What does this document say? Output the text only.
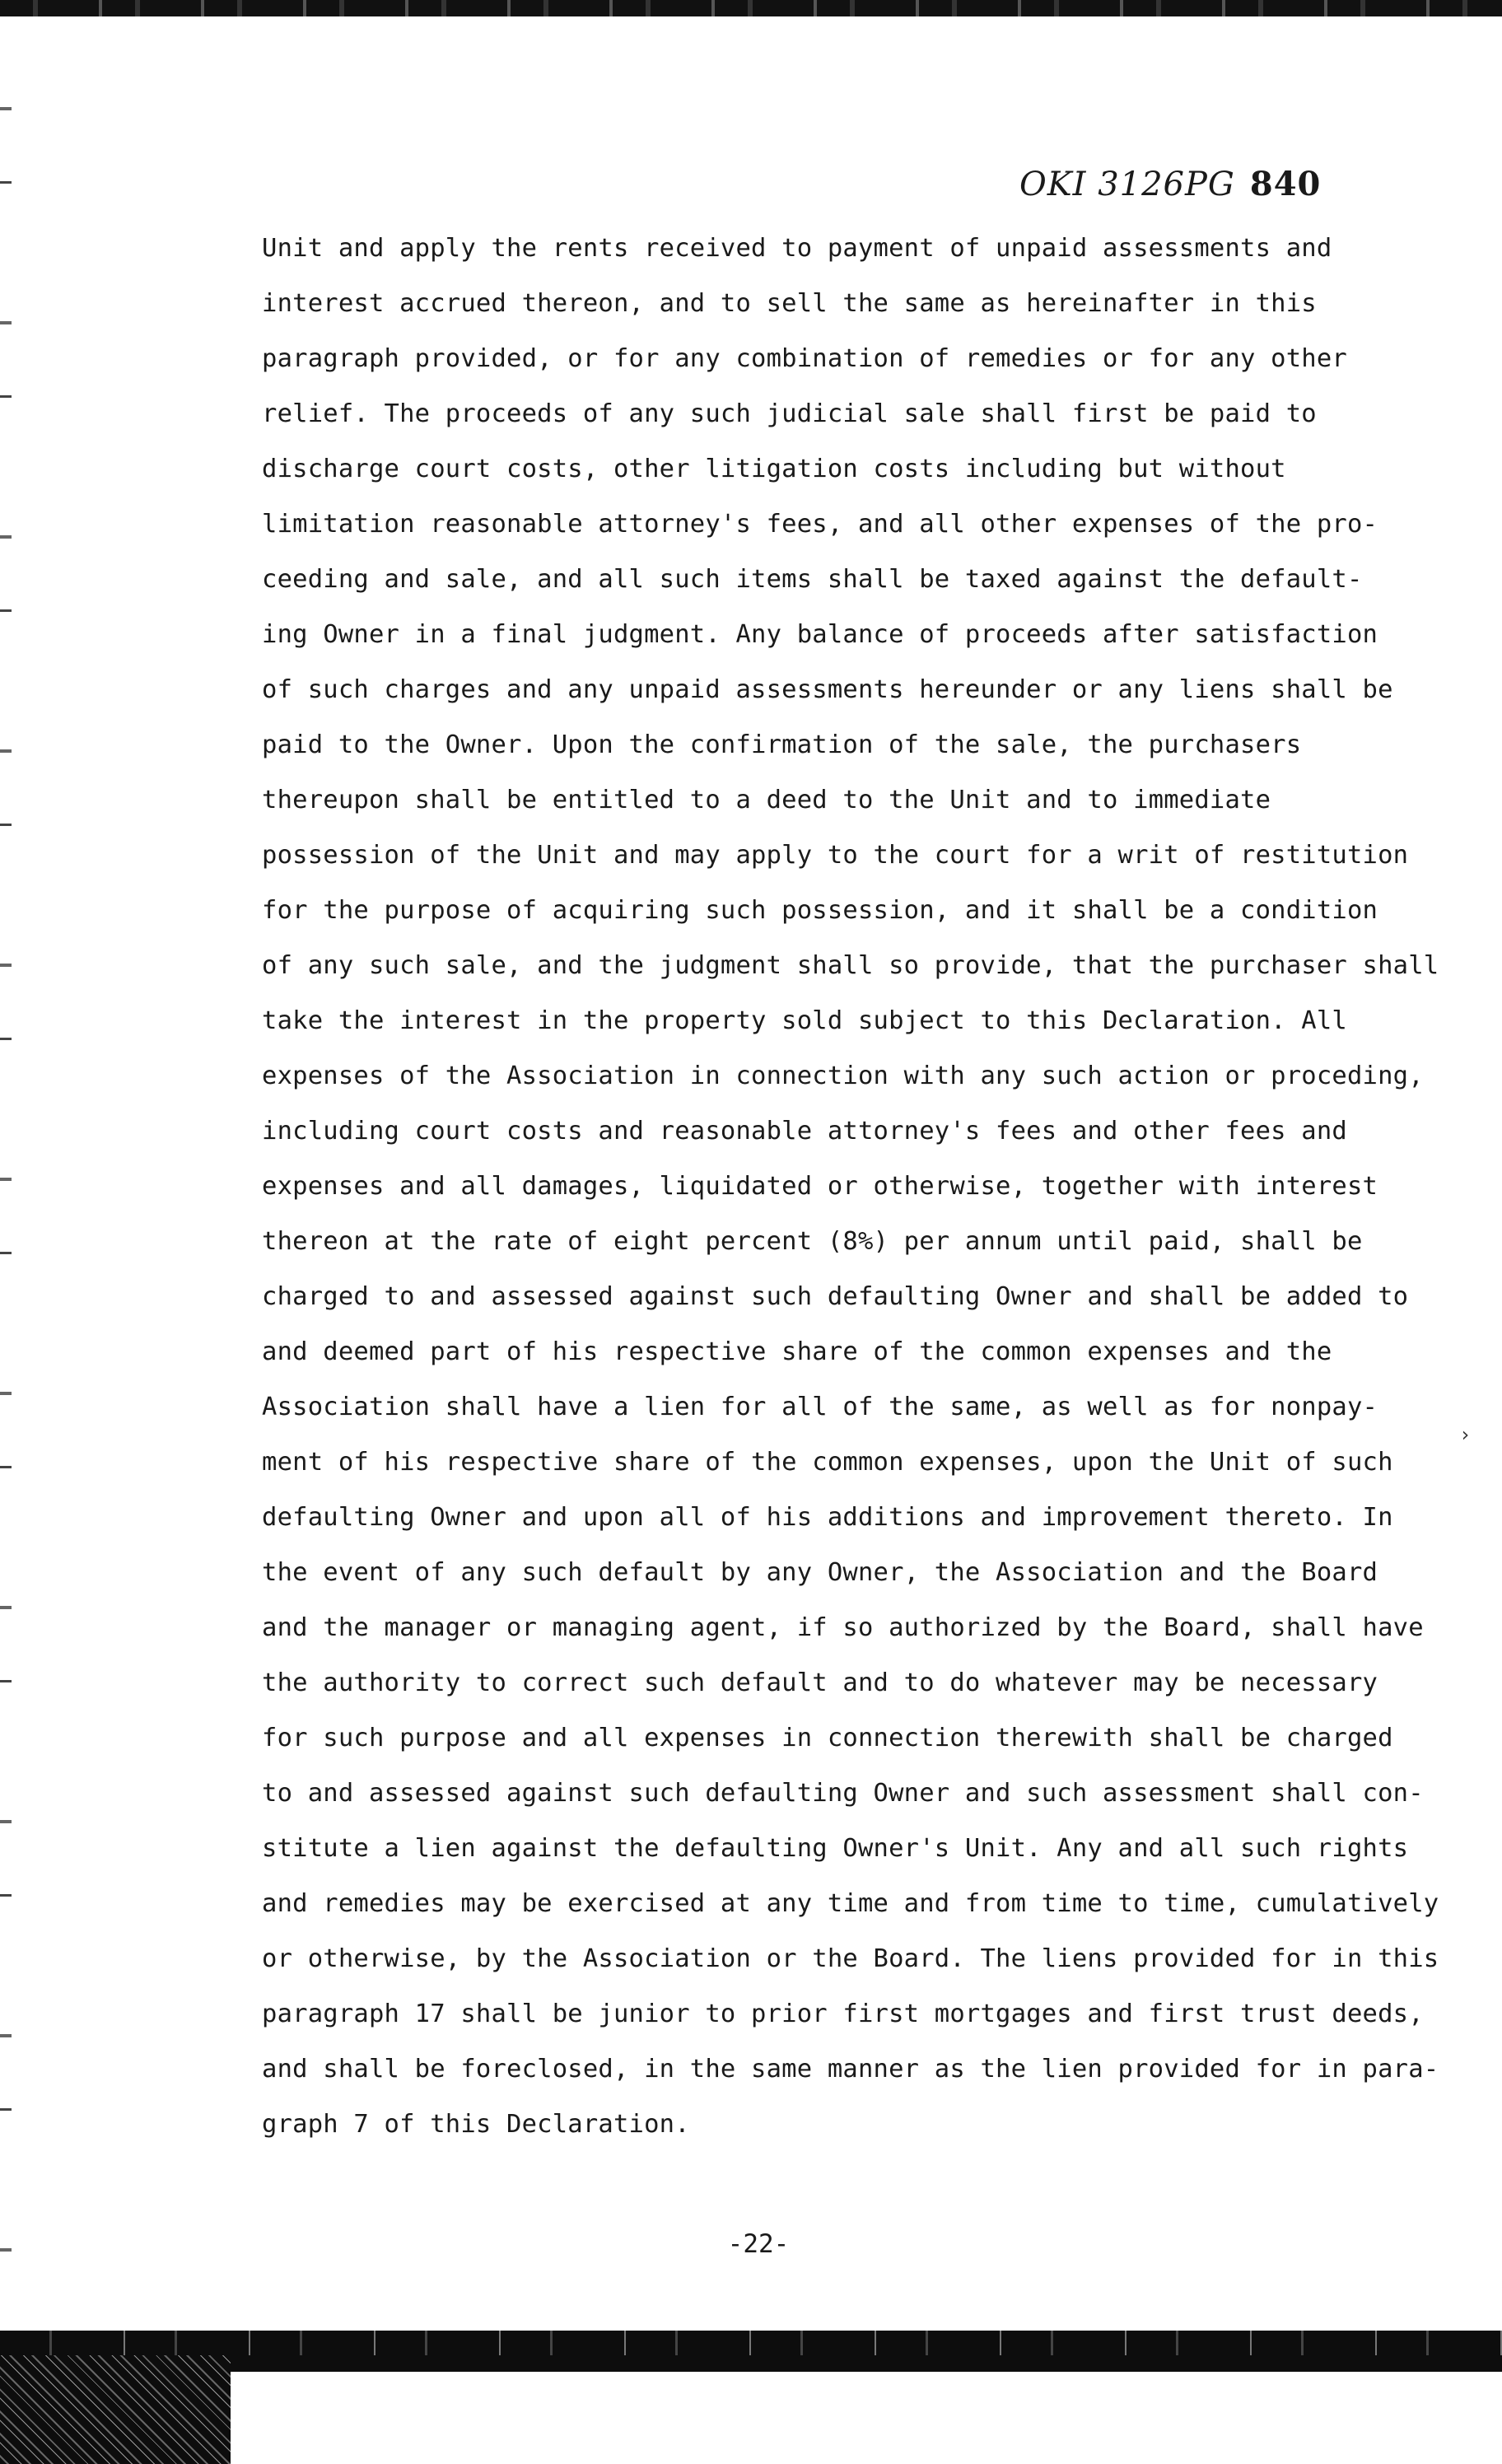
OKI 3126PG 840
Unit and apply the rents received to payment of unpaid assessments and
interest accrued thereon, and to sell the same as hereinafter in this
paragraph provided, or for any combination of remedies or for any other
relief. The proceeds of any such judicial sale shall first be paid to
discharge court costs, other litigation costs including but without
limitation reasonable attorney's fees, and all other expenses of the pro-
ceeding and sale, and all such items shall be taxed against the default-
ing Owner in a final judgment. Any balance of proceeds after satisfaction
of such charges and any unpaid assessments hereunder or any liens shall be
paid to the Owner. Upon the confirmation of the sale, the purchasers
thereupon shall be entitled to a deed to the Unit and to immediate
possession of the Unit and may apply to the court for a writ of restitution
for the purpose of acquiring such possession, and it shall be a condition
of any such sale, and the judgment shall so provide, that the purchaser shall
take the interest in the property sold subject to this Declaration. All
expenses of the Association in connection with any such action or proceding,
including court costs and reasonable attorney's fees and other fees and
expenses and all damages, liquidated or otherwise, together with interest
thereon at the rate of eight percent (8%) per annum until paid, shall be
charged to and assessed against such defaulting Owner and shall be added to
and deemed part of his respective share of the common expenses and the
Association shall have a lien for all of the same, as well as for nonpay-
ment of his respective share of the common expenses, upon the Unit of such
defaulting Owner and upon all of his additions and improvement thereto. In
the event of any such default by any Owner, the Association and the Board
and the manager or managing agent, if so authorized by the Board, shall have
the authority to correct such default and to do whatever may be necessary
for such purpose and all expenses in connection therewith shall be charged
to and assessed against such defaulting Owner and such assessment shall con-
stitute a lien against the defaulting Owner's Unit. Any and all such rights
and remedies may be exercised at any time and from time to time, cumulatively
or otherwise, by the Association or the Board. The liens provided for in this
paragraph 17 shall be junior to prior first mortgages and first trust deeds,
and shall be foreclosed, in the same manner as the lien provided for in para-
graph 7 of this Declaration.
›
-22-
